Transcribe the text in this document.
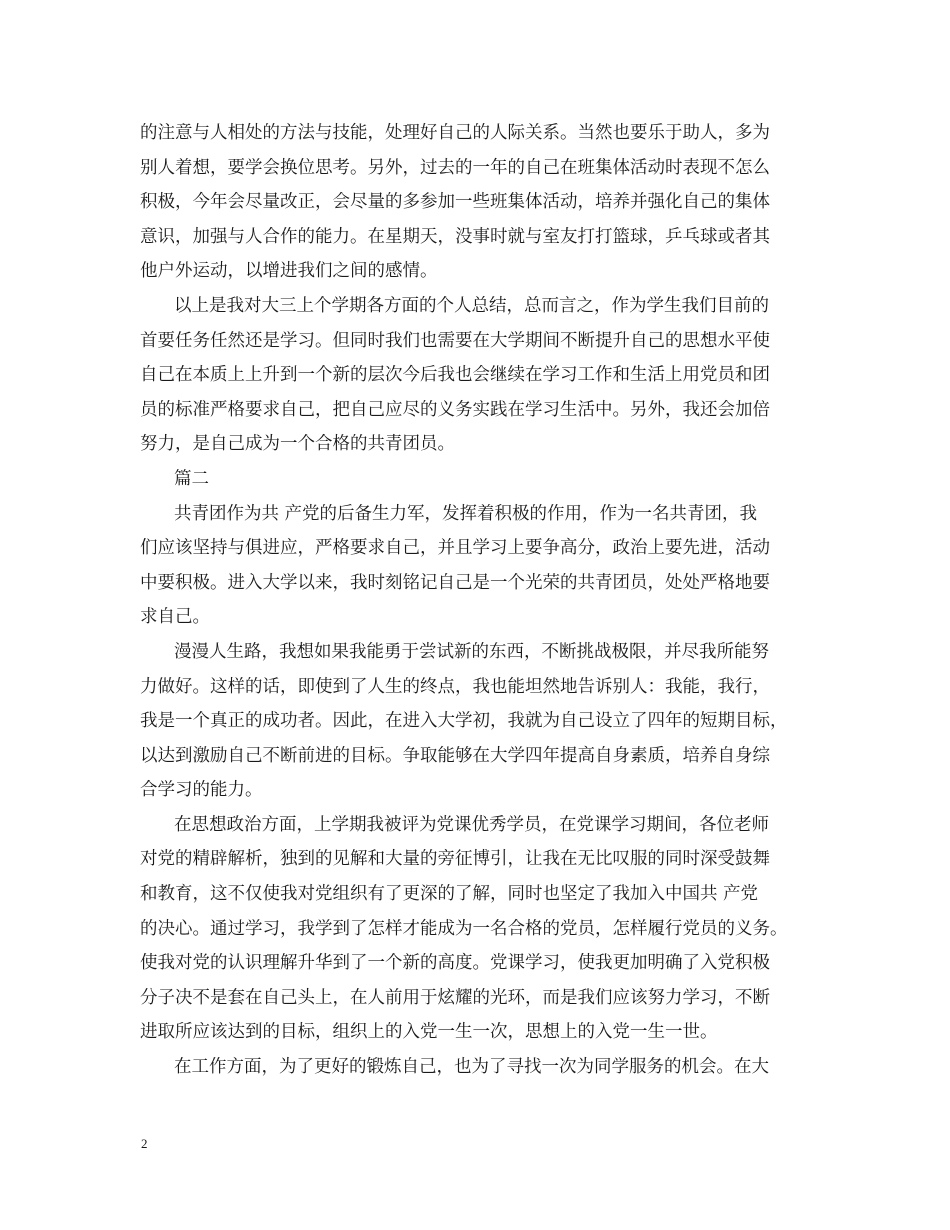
的注意与人相处的方法与技能，处理好自己的人际关系。当然也要乐于助人，多为
别人着想，要学会换位思考。另外，过去的一年的自己在班集体活动时表现不怎么
积极，今年会尽量改正，会尽量的多参加一些班集体活动，培养并强化自己的集体
意识，加强与人合作的能力。在星期天，没事时就与室友打打篮球，乒乓球或者其
他户外运动，以增进我们之间的感情。
以上是我对大三上个学期各方面的个人总结，总而言之，作为学生我们目前的
首要任务任然还是学习。但同时我们也需要在大学期间不断提升自己的思想水平使
自己在本质上上升到一个新的层次今后我也会继续在学习工作和生活上用党员和团
员的标准严格要求自己，把自己应尽的义务实践在学习生活中。另外，我还会加倍
努力，是自己成为一个合格的共青团员。
篇二
共青团作为共 产党的后备生力军，发挥着积极的作用，作为一名共青团，我
们应该坚持与俱进应，严格要求自己，并且学习上要争高分，政治上要先进，活动
中要积极。进入大学以来，我时刻铭记自己是一个光荣的共青团员，处处严格地要
求自己。
漫漫人生路，我想如果我能勇于尝试新的东西，不断挑战极限，并尽我所能努
力做好。这样的话，即使到了人生的终点，我也能坦然地告诉别人：我能，我行，
我是一个真正的成功者。因此，在进入大学初，我就为自己设立了四年的短期目标，
以达到激励自己不断前进的目标。争取能够在大学四年提高自身素质，培养自身综
合学习的能力。
在思想政治方面，上学期我被评为党课优秀学员，在党课学习期间，各位老师
对党的精辟解析，独到的见解和大量的旁征博引，让我在无比叹服的同时深受鼓舞
和教育，这不仅使我对党组织有了更深的了解，同时也坚定了我加入中国共 产党
的决心。通过学习，我学到了怎样才能成为一名合格的党员，怎样履行党员的义务。
使我对党的认识理解升华到了一个新的高度。党课学习，使我更加明确了入党积极
分子决不是套在自己头上，在人前用于炫耀的光环，而是我们应该努力学习，不断
进取所应该达到的目标，组织上的入党一生一次，思想上的入党一生一世。
在工作方面，为了更好的锻炼自己，也为了寻找一次为同学服务的机会。在大
2
